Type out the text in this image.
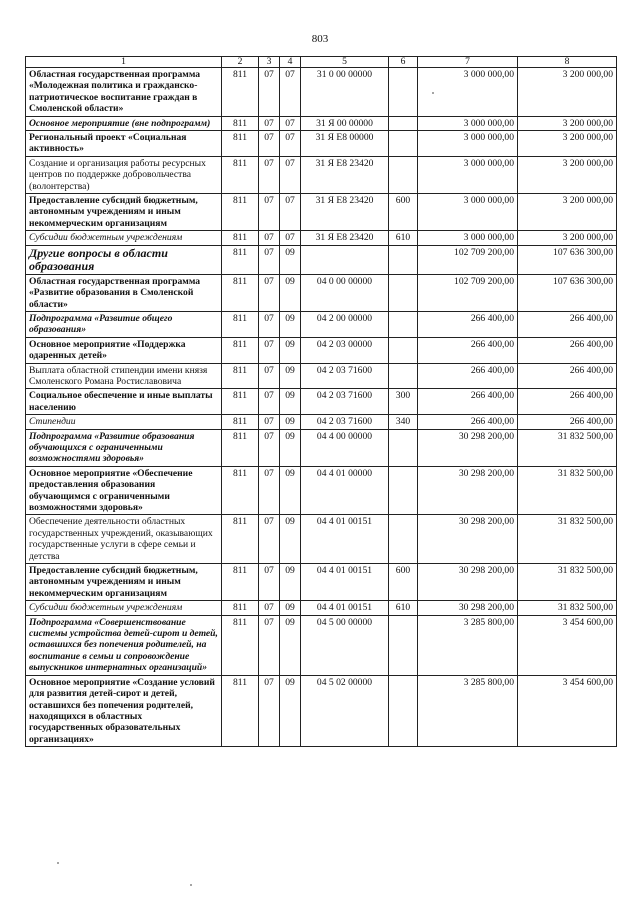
803
1	2	3	4	5	6	7	8
Областная государственная программа «Молодежная политика и гражданско-патриотическое воспитание граждан в Смоленской области»	811	07	07	31 0 00 00000		3 000 000,00	3 200 000,00
Основное мероприятие (вне подпрограмм)	811	07	07	31 Я 00 00000		3 000 000,00	3 200 000,00
Региональный проект «Социальная активность»	811	07	07	31 Я E8 00000		3 000 000,00	3 200 000,00
Создание и организация работы ресурсных центров по поддержке добровольчества (волонтерства)	811	07	07	31 Я E8 23420		3 000 000,00	3 200 000,00
Предоставление субсидий бюджетным, автономным учреждениям и иным некоммерческим организациям	811	07	07	31 Я E8 23420	600	3 000 000,00	3 200 000,00
Субсидии бюджетным учреждениям	811	07	07	31 Я E8 23420	610	3 000 000,00	3 200 000,00
Другие вопросы в области образования	811	07	09			102 709 200,00	107 636 300,00
Областная государственная программа «Развитие образования в Смоленской области»	811	07	09	04 0 00 00000		102 709 200,00	107 636 300,00
Подпрограмма «Развитие общего образования»	811	07	09	04 2 00 00000		266 400,00	266 400,00
Основное мероприятие «Поддержка одаренных детей»	811	07	09	04 2 03 00000		266 400,00	266 400,00
Выплата областной стипендии имени князя Смоленского Романа Ростиславовича	811	07	09	04 2 03 71600		266 400,00	266 400,00
Социальное обеспечение и иные выплаты населению	811	07	09	04 2 03 71600	300	266 400,00	266 400,00
Стипендии	811	07	09	04 2 03 71600	340	266 400,00	266 400,00
Подпрограмма «Развитие образования обучающихся с ограниченными возможностями здоровья»	811	07	09	04 4 00 00000		30 298 200,00	31 832 500,00
Основное мероприятие «Обеспечение предоставления образования обучающимся с ограниченными возможностями здоровья»	811	07	09	04 4 01 00000		30 298 200,00	31 832 500,00
Обеспечение деятельности областных государственных учреждений, оказывающих государственные услуги в сфере семьи и детства	811	07	09	04 4 01 00151		30 298 200,00	31 832 500,00
Предоставление субсидий бюджетным, автономным учреждениям и иным некоммерческим организациям	811	07	09	04 4 01 00151	600	30 298 200,00	31 832 500,00
Субсидии бюджетным учреждениям	811	07	09	04 4 01 00151	610	30 298 200,00	31 832 500,00
Подпрограмма «Совершенствование системы устройства детей-сирот и детей, оставшихся без попечения родителей, на воспитание в семьи и сопровождение выпускников интернатных организаций»	811	07	09	04 5 00 00000		3 285 800,00	3 454 600,00
Основное мероприятие «Создание условий для развития детей-сирот и детей, оставшихся без попечения родителей, находящихся в областных государственных образовательных организациях»	811	07	09	04 5 02 00000		3 285 800,00	3 454 600,00
